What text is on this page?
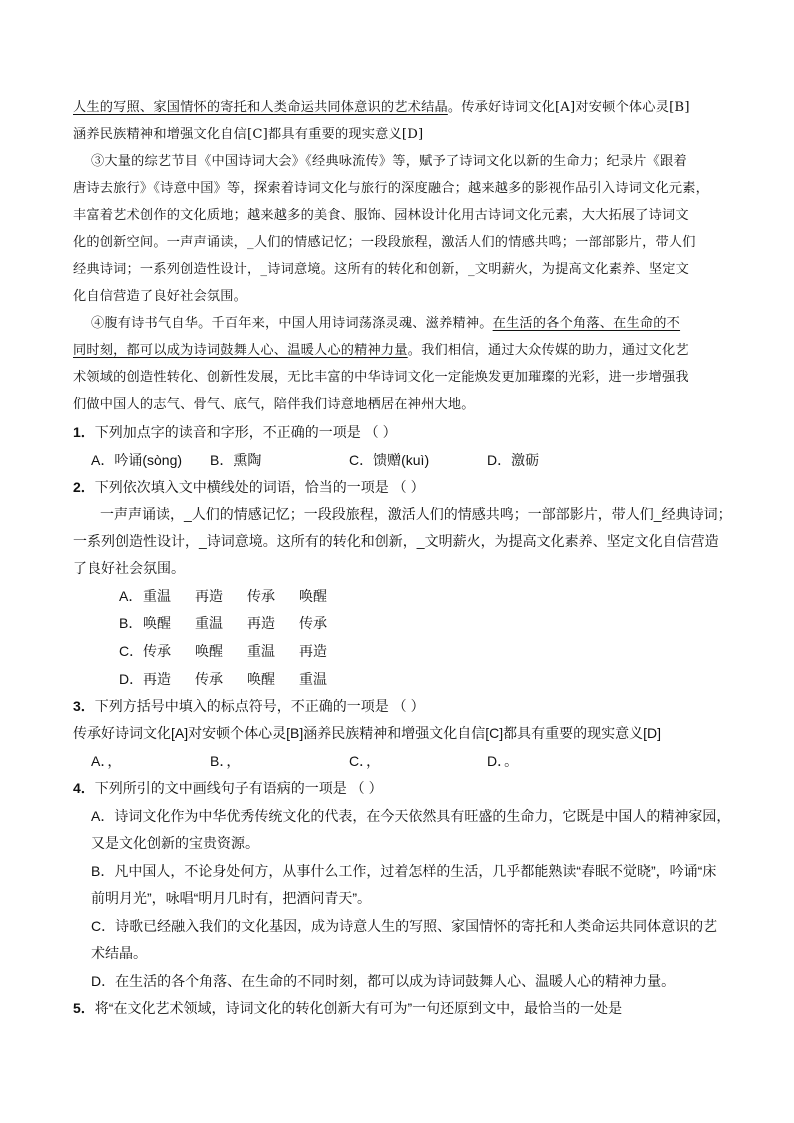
人生的写照、家国情怀的寄托和人类命运共同体意识的艺术结晶。传承好诗词文化[A]对安顿个体心灵[B]
涵养民族精神和增强文化自信[C]都具有重要的现实意义[D]
③大量的综艺节目《中国诗词大会》《经典咏流传》等，赋予了诗词文化以新的生命力；纪录片《跟着
唐诗去旅行》《诗意中国》等，探索着诗词文化与旅行的深度融合；越来越多的影视作品引入诗词文化元素，
丰富着艺术创作的文化质地；越来越多的美食、服饰、园林设计化用古诗词文化元素，大大拓展了诗词文
化的创新空间。一声声诵读，_人们的情感记忆；一段段旅程，激活人们的情感共鸣；一部部影片，带人们
经典诗词；一系列创造性设计，_诗词意境。这所有的转化和创新，_文明薪火，为提高文化素养、坚定文
化自信营造了良好社会氛围。
④腹有诗书气自华。千百年来，中国人用诗词荡涤灵魂、滋养精神。在生活的各个角落、在生命的不
同时刻，都可以成为诗词鼓舞人心、温暖人心的精神力量。我们相信，通过大众传媒的助力，通过文化艺
术领域的创造性转化、创新性发展，无比丰富的中华诗词文化一定能焕发更加璀璨的光彩，进一步增强我
们做中国人的志气、骨气、底气，陪伴我们诗意地栖居在神州大地。
1．下列加点字的读音和字形，不正确的一项是 （ ）
A．吟诵(sònɡ) B．熏陶	C．馈赠(kuì)	D．激砺
2．下列依次填入文中横线处的词语，恰当的一项是 （ ）
一声声诵读，_人们的情感记忆；一段段旅程，激活人们的情感共鸣；一部部影片，带人们_经典诗词；
一系列创造性设计，_诗词意境。这所有的转化和创新，_文明薪火，为提高文化素养、坚定文化自信营造
了良好社会氛围。
A．重温 再造 传承 唤醒
B．唤醒 重温 再造 传承
C．传承 唤醒 重温 再造
D．再造 传承 唤醒 重温
3．下列方括号中填入的标点符号，不正确的一项是 （ ）
传承好诗词文化[A]对安顿个体心灵[B]涵养民族精神和增强文化自信[C]都具有重要的现实意义[D]
A．，	B．，	C．，	D．。
4．下列所引的文中画线句子有语病的一项是 （ ）
A．诗词文化作为中华优秀传统文化的代表，在今天依然具有旺盛的生命力，它既是中国人的精神家园，
又是文化创新的宝贵资源。
B．凡中国人，不论身处何方，从事什么工作，过着怎样的生活，几乎都能熟读“春眠不觉晓”，吟诵“床
前明月光”，咏唱“明月几时有，把酒问青天”。
C．诗歌已经融入我们的文化基因，成为诗意人生的写照、家国情怀的寄托和人类命运共同体意识的艺
术结晶。
D．在生活的各个角落、在生命的不同时刻，都可以成为诗词鼓舞人心、温暖人心的精神力量。
5．将“在文化艺术领域，诗词文化的转化创新大有可为”一句还原到文中，最恰当的一处是
